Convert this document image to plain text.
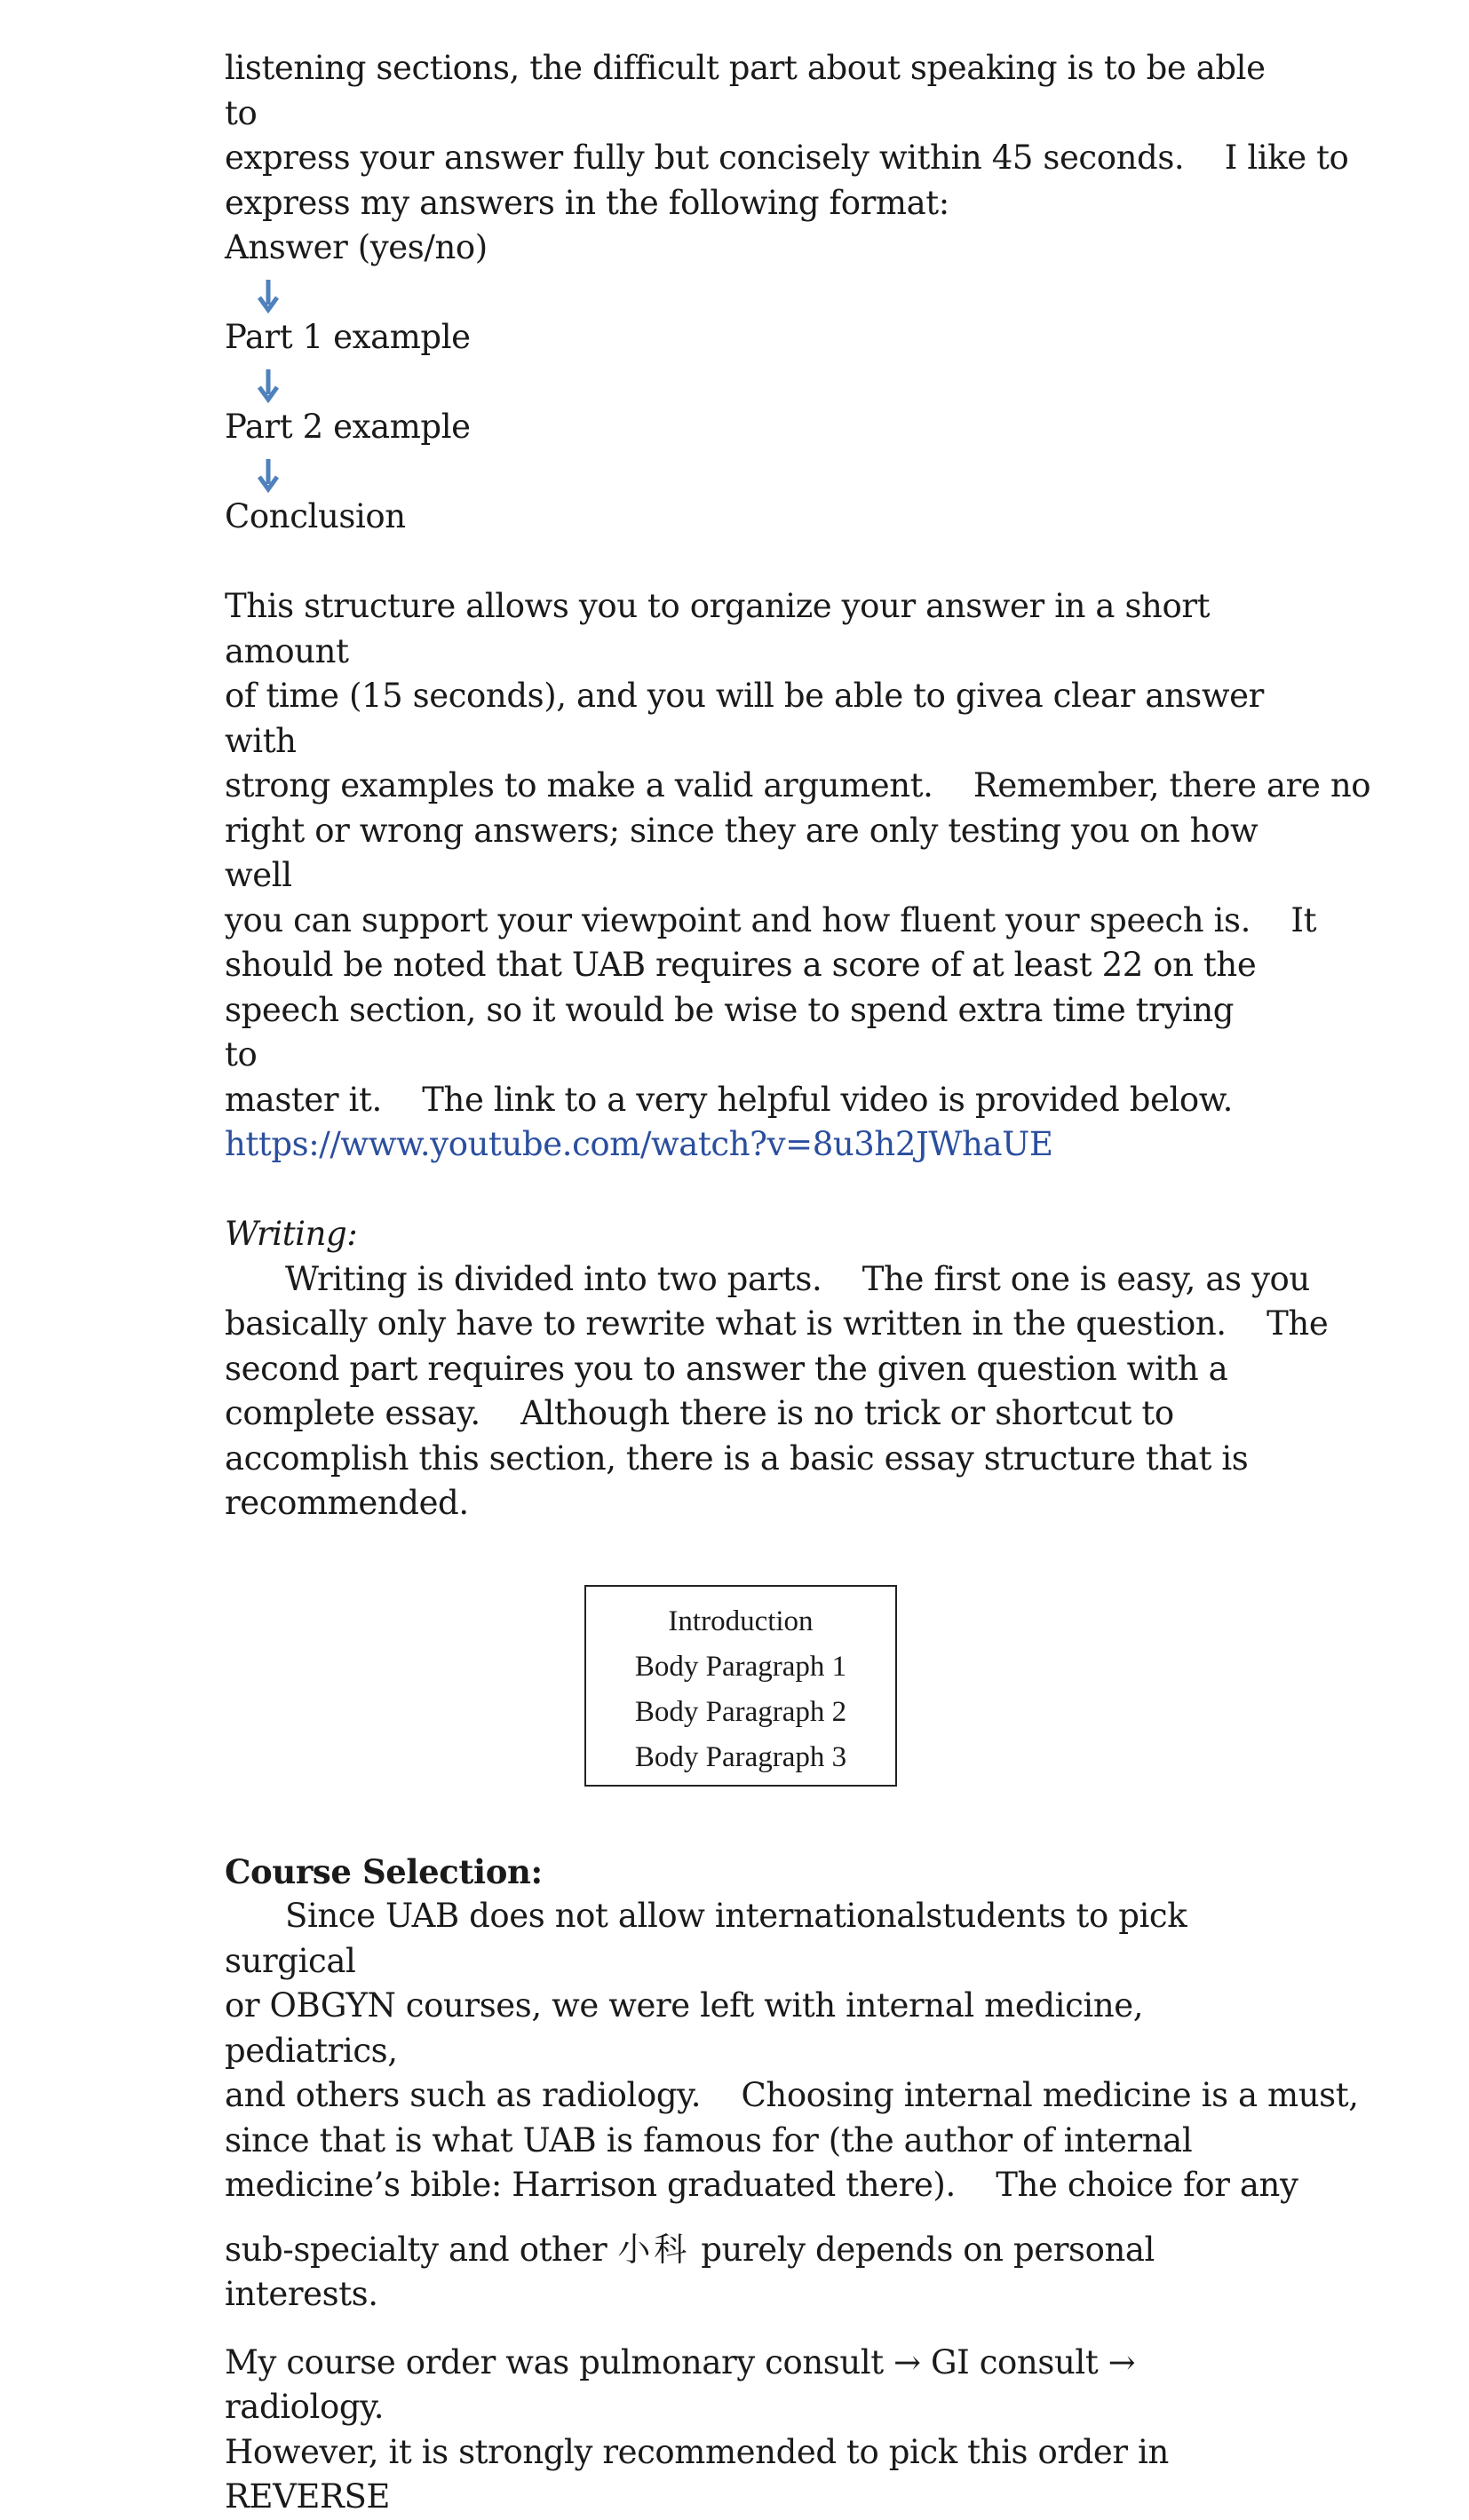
listening sections, the difficult part about speaking is to be able to

express your answer fully but concisely within 45 seconds.    I like to

express my answers in the following format:

Answer (yes/no)

Part 1 example

Part 2 example

Conclusion

This structure allows you to organize your answer in a short amount

of time (15 seconds), and you will be able to givea clear answer with

strong examples to make a valid argument.    Remember, there are no

right or wrong answers; since they are only testing you on how well

you can support your viewpoint and how fluent your speech is.    It

should be noted that UAB requires a score of at least 22 on the

speech section, so it would be wise to spend extra time trying to

master it.    The link to a very helpful video is provided below.

https://www.youtube.com/watch?v=8u3h2JWhaUE

Writing:

Writing is divided into two parts.    The first one is easy, as you

basically only have to rewrite what is written in the question.    The

second part requires you to answer the given question with a

complete essay.    Although there is no trick or shortcut to

accomplish this section, there is a basic essay structure that is

recommended.

Introduction
Body Paragraph 1
Body Paragraph 2
Body Paragraph 3

Course Selection:

Since UAB does not allow internationalstudents to pick surgical

or OBGYN courses, we were left with internal medicine, pediatrics,

and others such as radiology.    Choosing internal medicine is a must,

since that is what UAB is famous for (the author of internal

medicine’s bible: Harrison graduated there).    The choice for any

sub-specialty and other 小科 purely depends on personal interests.

My course order was pulmonary consult → GI consult → radiology.

However, it is strongly recommended to pick this order in REVERSE
